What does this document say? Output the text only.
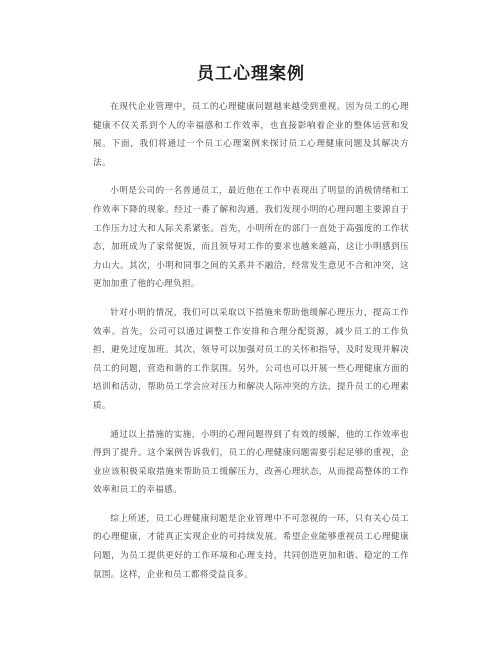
员工心理案例

在现代企业管理中，员工的心理健康问题越来越受到重视。因为员工的心理健康不仅关系到个人的幸福感和工作效率，也直接影响着企业的整体运营和发展。下面，我们将通过一个员工心理案例来探讨员工心理健康问题及其解决方法。

小明是公司的一名普通员工，最近他在工作中表现出了明显的消极情绪和工作效率下降的现象。经过一番了解和沟通，我们发现小明的心理问题主要源自于工作压力过大和人际关系紧张。首先，小明所在的部门一直处于高强度的工作状态，加班成为了家常便饭，而且领导对工作的要求也越来越高，这让小明感到压力山大。其次，小明和同事之间的关系并不融洽，经常发生意见不合和冲突，这更加加重了他的心理负担。

针对小明的情况，我们可以采取以下措施来帮助他缓解心理压力，提高工作效率。首先，公司可以通过调整工作安排和合理分配资源，减少员工的工作负担，避免过度加班。其次，领导可以加强对员工的关怀和指导，及时发现并解决员工的问题，营造和谐的工作氛围。另外，公司也可以开展一些心理健康方面的培训和活动，帮助员工学会应对压力和解决人际冲突的方法，提升员工的心理素质。

通过以上措施的实施，小明的心理问题得到了有效的缓解，他的工作效率也得到了提升。这个案例告诉我们，员工的心理健康问题需要引起足够的重视，企业应该积极采取措施来帮助员工缓解压力，改善心理状态，从而提高整体的工作效率和员工的幸福感。

综上所述，员工心理健康问题是企业管理中不可忽视的一环，只有关心员工的心理健康，才能真正实现企业的可持续发展。希望企业能够重视员工心理健康问题，为员工提供更好的工作环境和心理支持，共同创造更加和谐、稳定的工作氛围。这样，企业和员工都将受益良多。
